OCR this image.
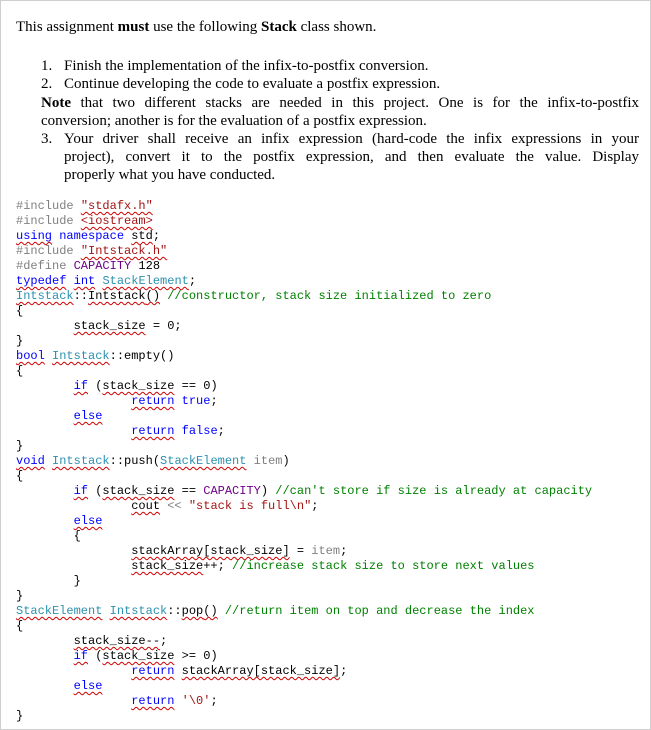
This assignment must use the following Stack class shown.
1. Finish the implementation of the infix-to-postfix conversion.
2. Continue developing the code to evaluate a postfix expression.
Note that two different stacks are needed in this project. One is for the infix-to-postfix
conversion; another is for the evaluation of a postfix expression.
3. Your driver shall receive an infix expression (hard-code the infix expressions in your
project), convert it to the postfix expression, and then evaluate the value. Display
properly what you have conducted.
#include "stdafx.h"
#include <iostream>
using namespace std;
#include "Intstack.h"
#define CAPACITY 128
typedef int StackElement;
Intstack::Intstack() //constructor, stack size initialized to zero
{
stack_size = 0;
}
bool Intstack::empty()
{
if (stack_size == 0)
return true;
else
return false;
}
void Intstack::push(StackElement item)
{
if (stack_size == CAPACITY) //can't store if size is already at capacity
cout << "stack is full\n";
else
{
stackArray[stack_size] = item;
stack_size++; //increase stack size to store next values
}
}
StackElement Intstack::pop() //return item on top and decrease the index
{
stack_size--;
if (stack_size >= 0)
return stackArray[stack_size];
else
return '\0';
}
